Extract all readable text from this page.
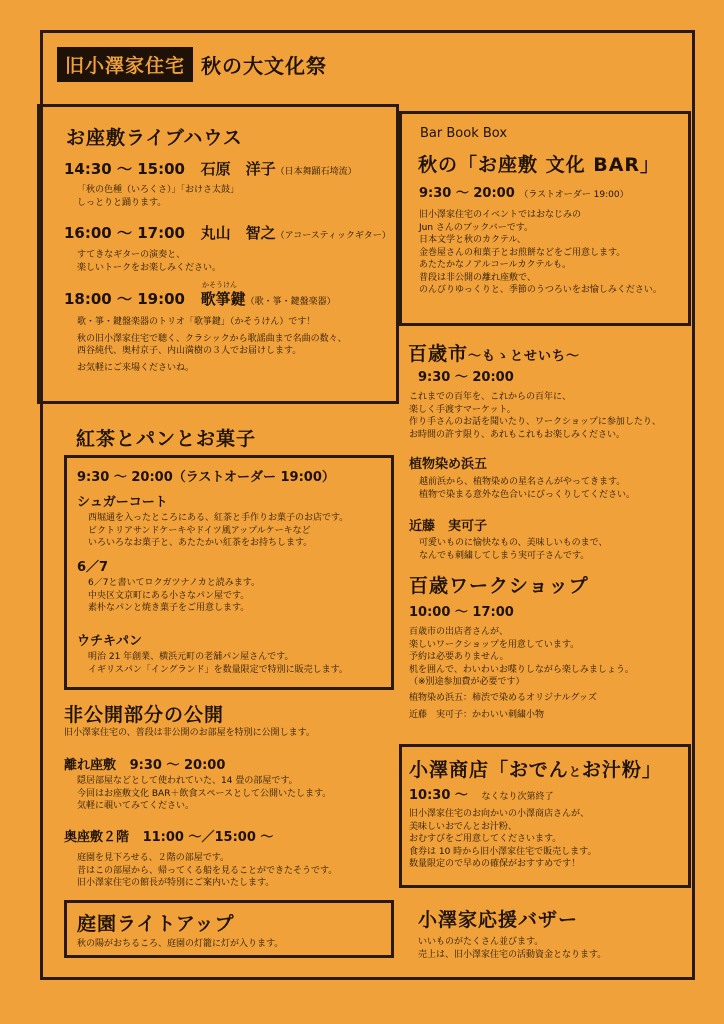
旧小澤家住宅 秋の大文化祭
お座敷ライブハウス
14:30 ～ 15:00 石原　洋子（日本舞踊石埼流）
「秋の色種（いろくさ）」「おけさ太鼓」
しっとりと踊ります。
16:00 ～ 17:00 丸山　智之（アコースティックギター）
すてきなギターの演奏と、
楽しいトークをお楽しみください。
かそうけん
18:00 ～ 19:00 歌箏鍵（歌・箏・鍵盤楽器）
歌・箏・鍵盤楽器のトリオ「歌箏鍵」（かそうけん）です！
秋の旧小澤家住宅で聴く、クラシックから歌謡曲まで名曲の数々、
西谷純代、奥村京子、内山満樹の３人でお届けします。
お気軽にご来場くださいね。
Bar Book Box
秋の「お座敷 文化 BAR」
9:30 ～ 20:00 （ラストオーダー 19:00）
旧小澤家住宅のイベントではおなじみの
Jun さんのブックバーです。
日本文学と秋のカクテル、
金巻屋さんの和菓子とお煎餅などをご用意します。
あたたかなノアルコールカクテルも。
普段は非公開の離れ座敷で、
のんびりゆっくりと、季節のうつろいをお愉しみください。
紅茶とパンとお菓子
9:30 ～ 20:00（ラストオーダー 19:00）
シュガーコート
西堀通を入ったところにある、紅茶と手作りお菓子のお店です。
ビクトリアサンドケーキやドイツ風アップルケーキなど
いろいろなお菓子と、あたたかい紅茶をお持ちします。
6／7
6／7と書いてロクガツナノカと読みます。
中央区文京町にある小さなパン屋です。
素朴なパンと焼き菓子をご用意します。
ウチキパン
明治 21 年創業、横浜元町の老舗パン屋さんです。
イギリスパン「イングランド」を数量限定で特別に販売します。
非公開部分の公開
旧小澤家住宅の、普段は非公開のお部屋を特別に公開します。
離れ座敷 9:30 ～ 20:00
隠居部屋などとして使われていた、14 畳の部屋です。
今回はお座敷文化 BAR＋飲食スペースとして公開いたします。
気軽に覗いてみてください。
奥座敷２階 11:00 ～／15:00 ～
庭園を見下ろせる、２階の部屋です。
昔はこの部屋から、帰ってくる船を見ることができたそうです。
旧小澤家住宅の館長が特別にご案内いたします。
庭園ライトアップ
秋の陽がおちるころ、庭園の灯籠に灯が入ります。
百歳市～もゝとせいち～
9:30 ～ 20:00
これまでの百年を、これからの百年に、
楽しく手渡すマーケット。
作り手さんのお話を聞いたり、ワークショップに参加したり、
お時間の許す限り、あれもこれもお楽しみください。
植物染め浜五
越前浜から、植物染めの星名さんがやってきます。
植物で染まる意外な色合いにびっくりしてください。
近藤　実可子
可愛いものに愉快なもの、美味しいものまで、
なんでも刺繍してしまう実可子さんです。
百歳ワークショップ
10:00 ～ 17:00
百歳市の出店者さんが、
楽しいワークショップを用意しています。
予約は必要ありません。
机を囲んで、わいわいお喋りしながら楽しみましょう。
（※別途参加費が必要です）
植物染め浜五：柿渋で染めるオリジナルグッズ
近藤　実可子：かわいい刺繍小物
小澤商店「おでんとお汁粉」
10:30 ～ なくなり次第終了
旧小澤家住宅のお向かいの小澤商店さんが、
美味しいおでんとお汁粉、
おむすびをご用意してくださいます。
食券は 10 時から旧小澤家住宅で販売します。
数量限定ので早めの確保がおすすめです！
小澤家応援バザー
いいものがたくさん並びます。
売上は、旧小澤家住宅の活動資金となります。
